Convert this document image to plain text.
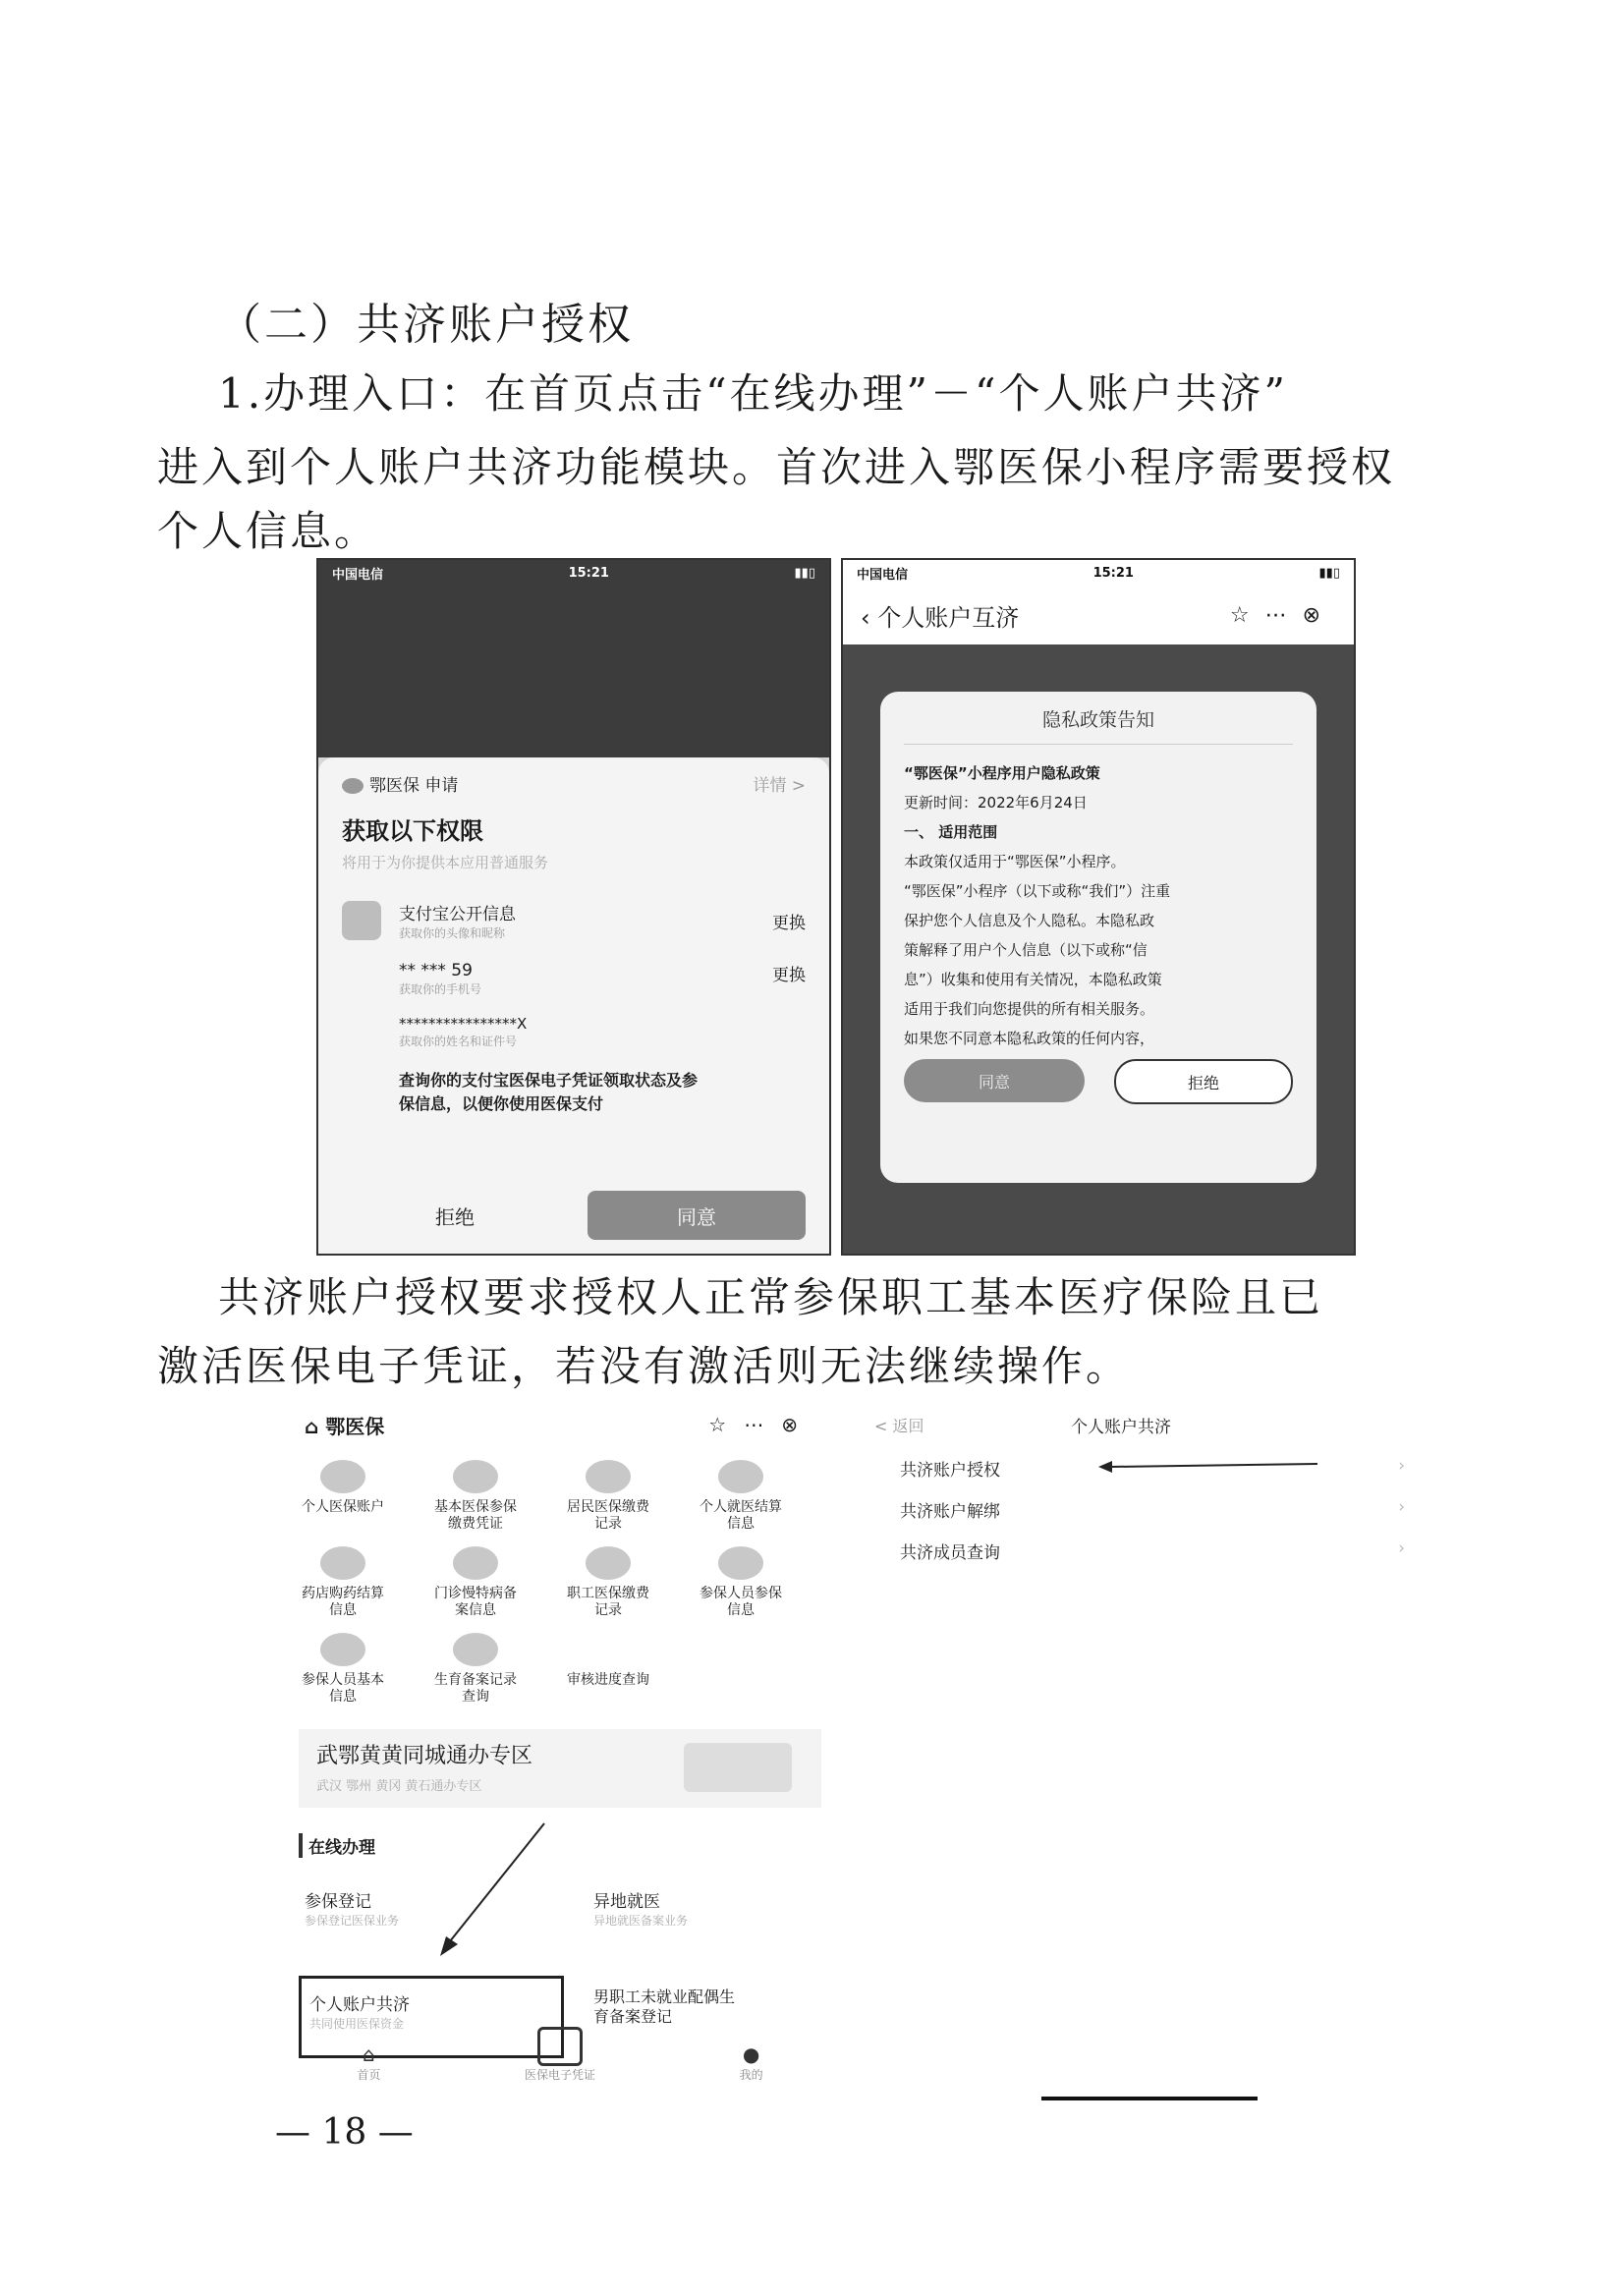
（二）共济账户授权
1.办理入口：在首页点击“在线办理”－“个人账户共济”
进入到个人账户共济功能模块。首次进入鄂医保小程序需要授权
个人信息。
中国电信	15:21	▮▮▯
鄂医保 申请	详情 >
获取以下权限
将用于为你提供本应用普通服务
支付宝公开信息
获取你的头像和昵称
更换
** *** 59
获取你的手机号
更换
****************X
获取你的姓名和证件号
查询你的支付宝医保电子凭证领取状态及参
保信息，以便你使用医保支付
拒绝	同意
中国电信	15:21	▮▮▯
‹ 个人账户互济	☆⋯⊗
隐私政策告知
“鄂医保”小程序用户隐私政策
更新时间：2022年6月24日
一、 适用范围
本政策仅适用于“鄂医保”小程序。
“鄂医保”小程序（以下或称“我们”）注重
保护您个人信息及个人隐私。本隐私政
策解释了用户个人信息（以下或称“信
息”）收集和使用有关情况，本隐私政策
适用于我们向您提供的所有相关服务。
如果您不同意本隐私政策的任何内容，
同意	拒绝
共济账户授权要求授权人正常参保职工基本医疗保险且已
激活医保电子凭证，若没有激活则无法继续操作。
⌂ 鄂医保	☆⋯⊗
个人医保账户	基本医保参保缴费凭证
居民医保缴费记录
个人就医结算信息
药店购药结算信息
门诊慢特病备案信息
职工医保缴费记录
参保人员参保信息
参保人员基本信息
生育备案记录查询
审核进度查询
武鄂黄黄同城通办专区
武汉 鄂州 黄冈 黄石通办专区
在线办理
参保登记
参保登记医保业务
异地就医
异地就医备案业务
个人账户共济
共同使用医保资金
男职工未就业配偶生育备案登记
⌂
首页	医保电子凭证
●
我的
< 返回	个人账户共济
共济账户授权	›
共济账户解绑	›
共济成员查询	›
— 18 —
